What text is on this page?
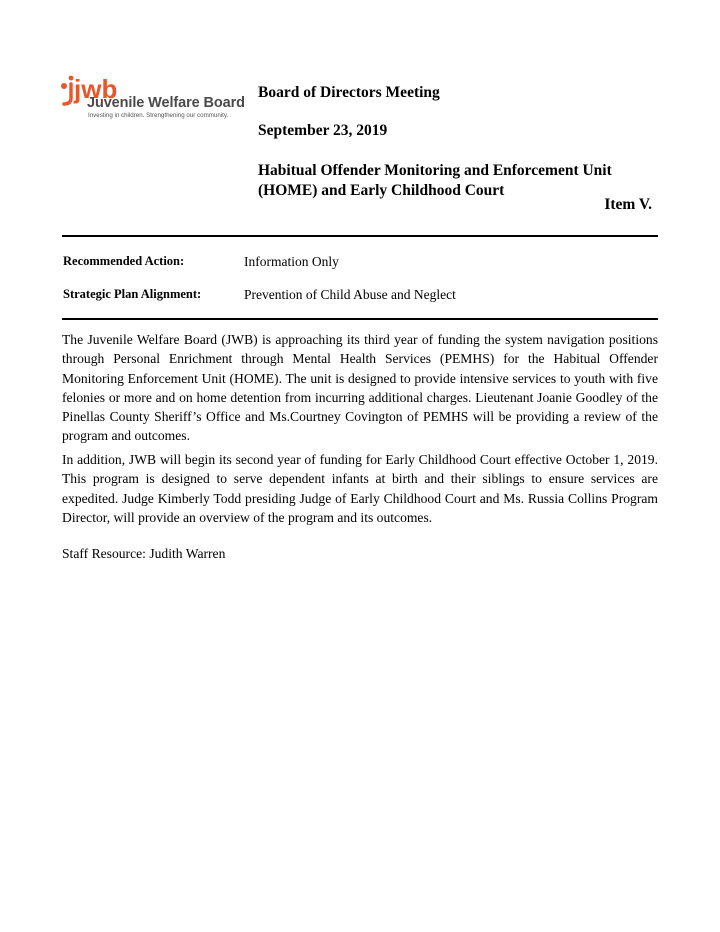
jwb
Juvenile Welfare Board
Investing in children. Strengthening our community.
Board of Directors Meeting
September 23, 2019
Habitual Offender Monitoring and Enforcement Unit
(HOME) and Early Childhood Court
Item V.
Recommended Action:	Information Only
Strategic Plan Alignment:	Prevention of Child Abuse and Neglect

The Juvenile Welfare Board (JWB) is approaching its third year of funding the system navigation positions through Personal Enrichment through Mental Health Services (PEMHS) for the Habitual Offender Monitoring Enforcement Unit (HOME). The unit is designed to provide intensive services to youth with five felonies or more and on home detention from incurring additional charges. Lieutenant Joanie Goodley of the Pinellas County Sheriff’s Office and Ms.Courtney Covington of PEMHS will be providing a review of the program and outcomes.

In addition, JWB will begin its second year of funding for Early Childhood Court effective October 1, 2019. This program is designed to serve dependent infants at birth and their siblings to ensure services are expedited. Judge Kimberly Todd presiding Judge of Early Childhood Court and Ms. Russia Collins Program Director, will provide an overview of the program and its outcomes.

Staff Resource: Judith Warren
